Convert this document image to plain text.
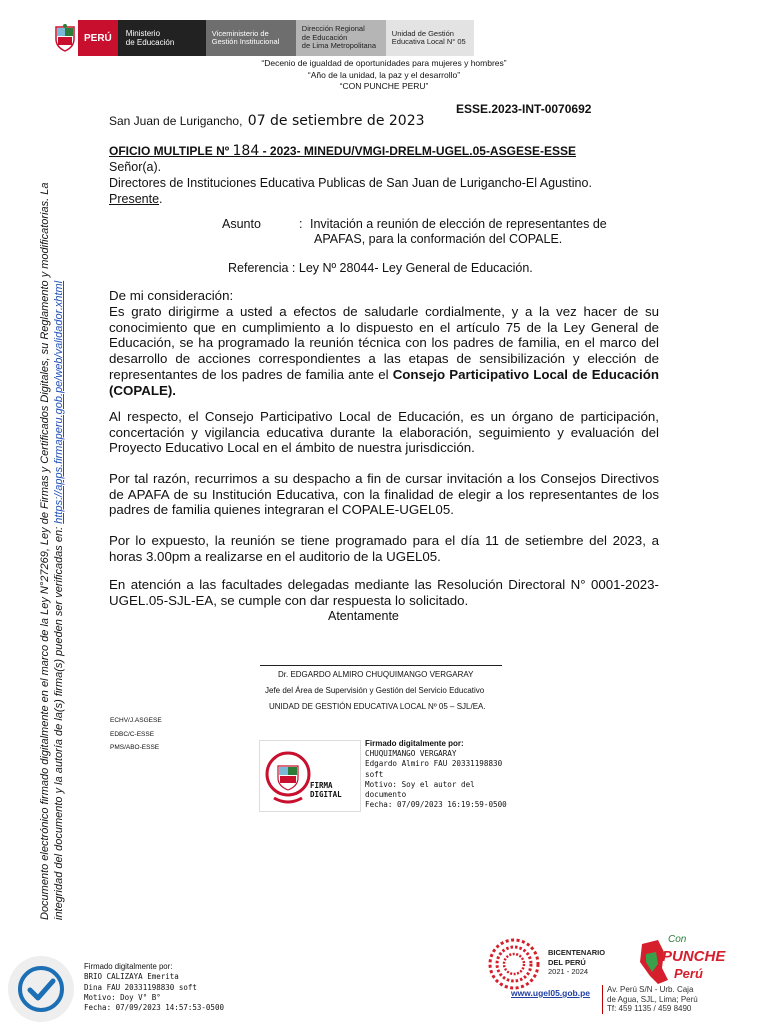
PERÚ Ministerio
de Educación
Viceministerio de
Gestión Institucional
Dirección Regional
de Educación
de Lima Metropolitana
Unidad de Gestión
Educativa Local N° 05
“Decenio de igualdad de oportunidades para mujeres y hombres”
“Año de la unidad, la paz y el desarrollo”
“CON PUNCHE PERU”
ESSE.2023-INT-0070692
San Juan de Lurigancho, 07 de setiembre de 2023
OFICIO MULTIPLE Nº 184 - 2023- MINEDU/VMGI-DRELM-UGEL.05-ASGESE-ESSE
Señor(a).
Directores de Instituciones Educativa Publicas de San Juan de Lurigancho-El Agustino.
Presente.
Asunto	: Invitación a reunión de elección de representantes de
APAFAS, para la conformación del COPALE.
Referencia : Ley Nº 28044- Ley General de Educación.
De mi consideración:
Es grato dirigirme a usted a efectos de saludarle cordialmente, y a la vez hacer de su conocimiento que en cumplimiento a lo dispuesto en el artículo 75 de la Ley General de Educación, se ha programado la reunión técnica con los padres de familia, en el marco del desarrollo de acciones correspondientes a las etapas de sensibilización y elección de representantes de los padres de familia ante el Consejo Participativo Local de Educación (COPALE).
Al respecto, el Consejo Participativo Local de Educación, es un órgano de participación, concertación y vigilancia educativa durante la elaboración, seguimiento y evaluación del Proyecto Educativo Local en el ámbito de nuestra jurisdicción.
Por tal razón, recurrimos a su despacho a fin de cursar invitación a los Consejos Directivos de APAFA de su Institución Educativa, con la finalidad de elegir a los representantes de los padres de familia quienes integraran el COPALE-UGEL05.
Por lo expuesto, la reunión se tiene programado para el día 11 de setiembre del 2023, a horas 3.00pm a realizarse en el auditorio de la UGEL05.
En atención a las facultades delegadas mediante las Resolución Directoral N° 0001-2023-UGEL.05-SJL-EA, se cumple con dar respuesta lo solicitado.
Atentamente
Dr. EDGARDO ALMIRO CHUQUIMANGO VERGARAY
Jefe del Área de Supervisión y Gestión del Servicio Educativo
UNIDAD DE GESTIÓN EDUCATIVA LOCAL Nº 05 – SJL/EA.
ECHV/J.ASGESE
EDBC/C-ESSE
PMS/ABO-ESSE
FIRMA
DIGITAL
Firmado digitalmente por:
CHUQUIMANGO VERGARAY
Edgardo Almiro FAU 20331198830
soft
Motivo: Soy el autor del
documento
Fecha: 07/09/2023 16:19:59-0500
Documento electrónico firmado digitalmente en el marco de la Ley N°27269, Ley de Firmas y Certificados Digitales, su Reglamento y modificatorias. La integridad del documento y la autoría de la(s) firma(s) pueden ser verificadas en: https://apps.firmaperu.gob.pe/web/validador.xhtml
Firmado digitalmente por:
BRIO CALIZAYA Emerita
Dina FAU 20331198830 soft
Motivo: Doy V° B°
Fecha: 07/09/2023 14:57:53-0500
BICENTENARIO
DEL PERÚ
2021 - 2024
Con
PUNCHE
Perú
www.ugel05.gob.pe Av. Perú S/N - Urb. Caja
de Agua, SJL, Lima; Perú
Tf: 459 1135 / 459 8490
